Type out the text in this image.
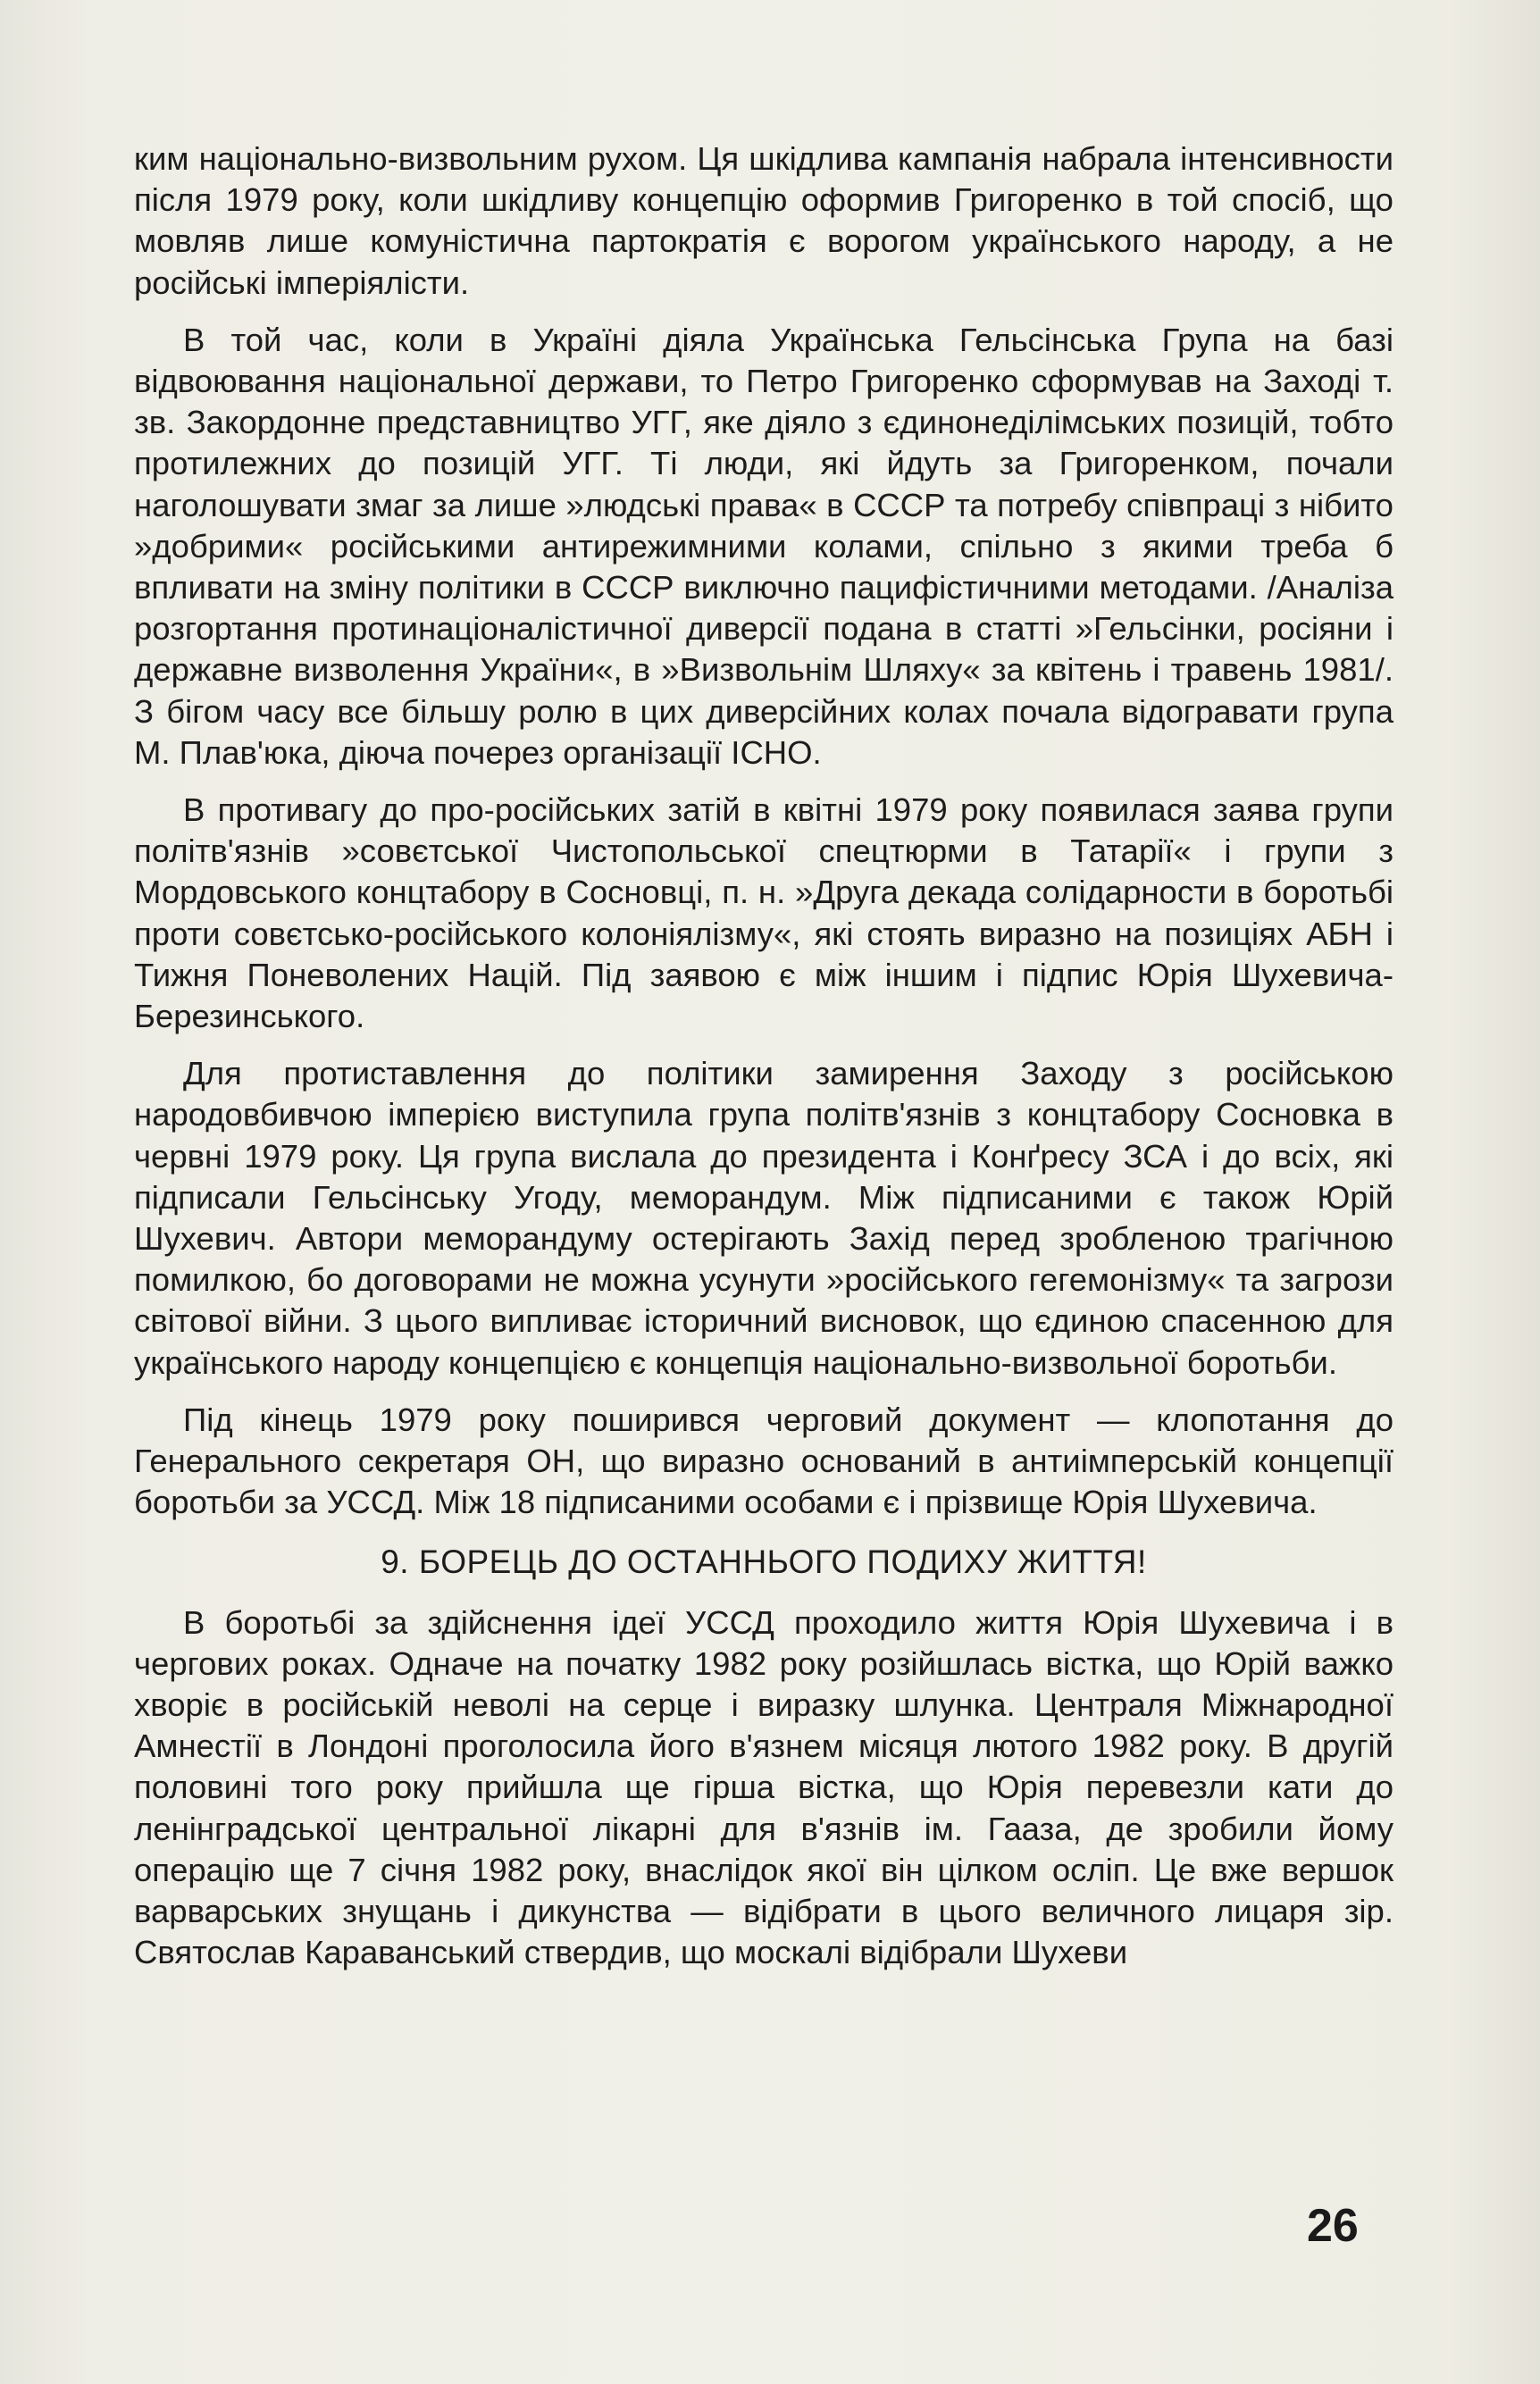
ким національно-визвольним рухом. Ця шкідлива кампанія набрала інтенсивности після 1979 року, коли шкідливу концепцію оформив Григоренко в той спосіб, що мовляв лише комуністична партократія є ворогом українського народу, а не російські імперіялісти.

В той час, коли в Україні діяла Українська Гельсінська Група на базі відвоювання національної держави, то Петро Григоренко сформував на Заході т. зв. Закордонне представництво УГГ, яке діяло з єдинонеділімських позицій, тобто протилежних до позицій УГГ. Ті люди, які йдуть за Григоренком, почали наголошувати змаг за лише »людські права« в СССР та потребу співпраці з нібито »добрими« російськими антирежимними колами, спільно з якими треба б впливати на зміну політики в СССР виключно пацифістичними методами. /Аналіза розгортання протинаціоналістичної диверсії подана в статті »Гельсінки, росіяни і державне визволення України«, в »Визвольнім Шляху« за квітень і травень 1981/. З бігом часу все більшу ролю в цих диверсійних колах почала відогравати група М. Плав'юка, діюча почерез організації ІСНО.

В противагу до про-російських затій в квітні 1979 року появилася заява групи політв'язнів »совєтської Чистопольської спецтюрми в Татарії« і групи з Мордовського концтабору в Сосновці, п. н. »Друга декада солідарности в боротьбі проти совєтсько-російського колоніялізму«, які стоять виразно на позиціях АБН і Тижня Поневолених Націй. Під заявою є між іншим і підпис Юрія Шухевича-Березинського.

Для протиставлення до політики замирення Заходу з російською народовбивчою імперією виступила група політв'язнів з концтабору Сосновка в червні 1979 року. Ця група вислала до президента і Конґресу ЗСА і до всіх, які підписали Гельсінську Угоду, меморандум. Між підписаними є також Юрій Шухевич. Автори меморандуму остерігають Захід перед зробленою трагічною помилкою, бо договорами не можна усунути »російського гегемонізму« та загрози світової війни. З цього випливає історичний висновок, що єдиною спасенною для українського народу концепцією є концепція національно-визвольної боротьби.

Під кінець 1979 року поширився черговий документ — клопотання до Генерального секретаря ОН, що виразно оснований в антиімперській концепції боротьби за УССД. Між 18 підписаними особами є і прізвище Юрія Шухевича.

9. БОРЕЦЬ ДО ОСТАННЬОГО ПОДИХУ ЖИТТЯ!

В боротьбі за здійснення ідеї УССД проходило життя Юрія Шухевича і в чергових роках. Одначе на початку 1982 року розійшлась вістка, що Юрій важко хворіє в російській неволі на серце і виразку шлунка. Централя Міжнародної Амнестії в Лондоні проголосила його в'язнем місяця лютого 1982 року. В другій половині того року прийшла ще гірша вістка, що Юрія перевезли кати до ленінградської центральної лікарні для в'язнів ім. Гааза, де зробили йому операцію ще 7 січня 1982 року, внаслідок якої він цілком осліп. Це вже вершок варварських знущань і дикунства — відібрати в цього величного лицаря зір. Святослав Караванський ствердив, що москалі відібрали Шухеви

26
